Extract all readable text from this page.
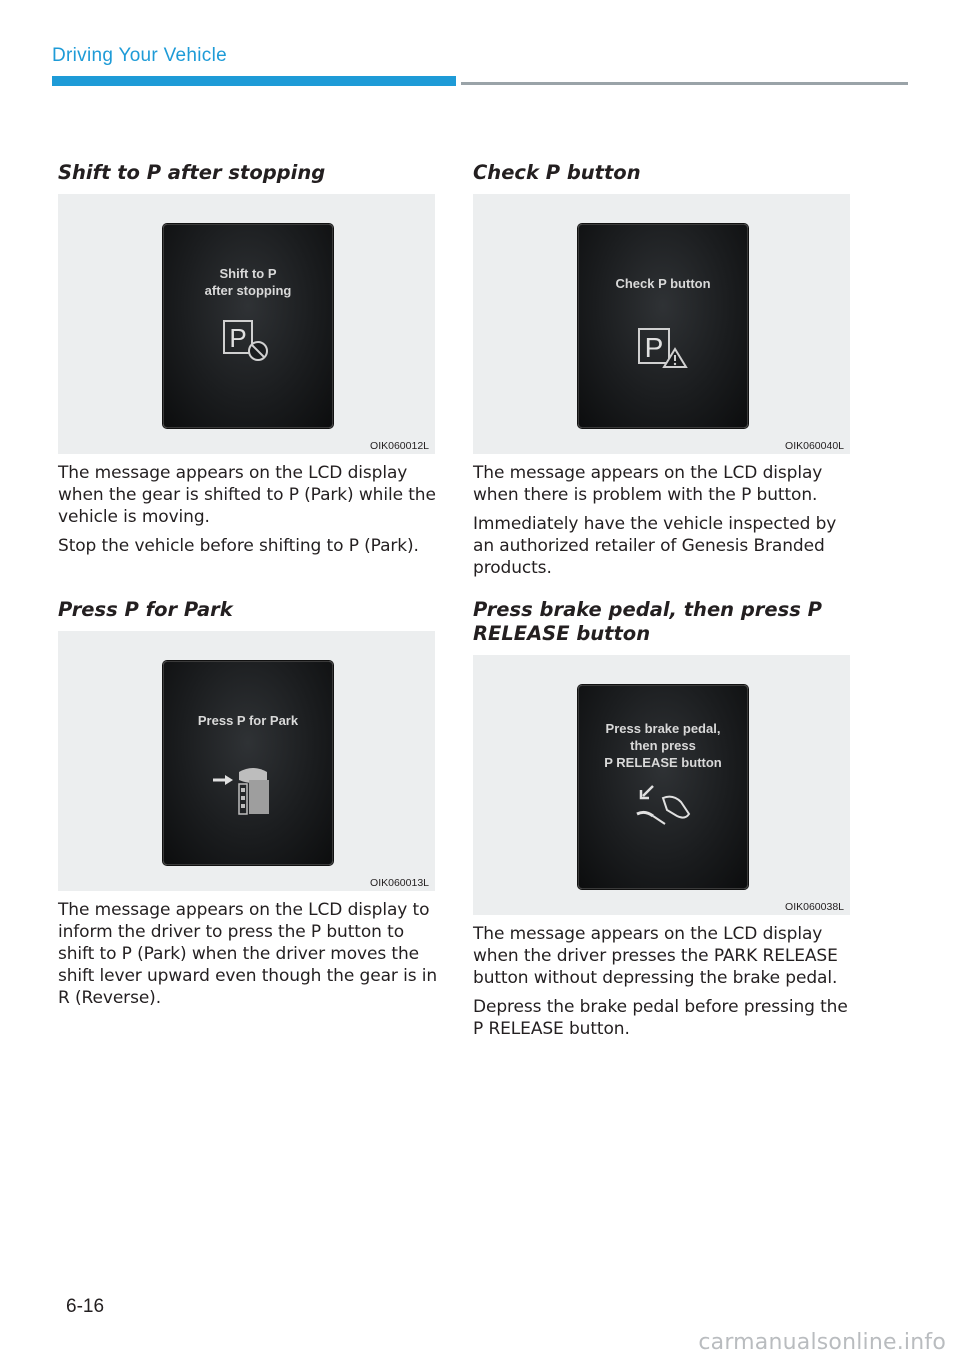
Driving Your Vehicle
Shift to P after stopping
Shift to P
after stopping
P
OIK060012L

The message appears on the LCD display when the gear is shifted to P (Park) while the vehicle is moving.

Stop the vehicle before shifting to P (Park).

Press P for Park
Press P for Park
OIK060013L

The message appears on the LCD display to inform the driver to press the P button to shift to P (Park) when the driver moves the shift lever upward even though the gear is in R (Reverse).

Check P button
Check P button
P
OIK060040L

The message appears on the LCD display when there is problem with the P button.

Immediately have the vehicle inspected by an authorized retailer of Genesis Branded products.

Press brake pedal, then press P RELEASE button
Press brake pedal,
then press
P RELEASE button
OIK060038L

The message appears on the LCD display when the driver presses the PARK RELEASE button without depressing the brake pedal.

Depress the brake pedal before pressing the P RELEASE button.

6-16
carmanualsonline.info
